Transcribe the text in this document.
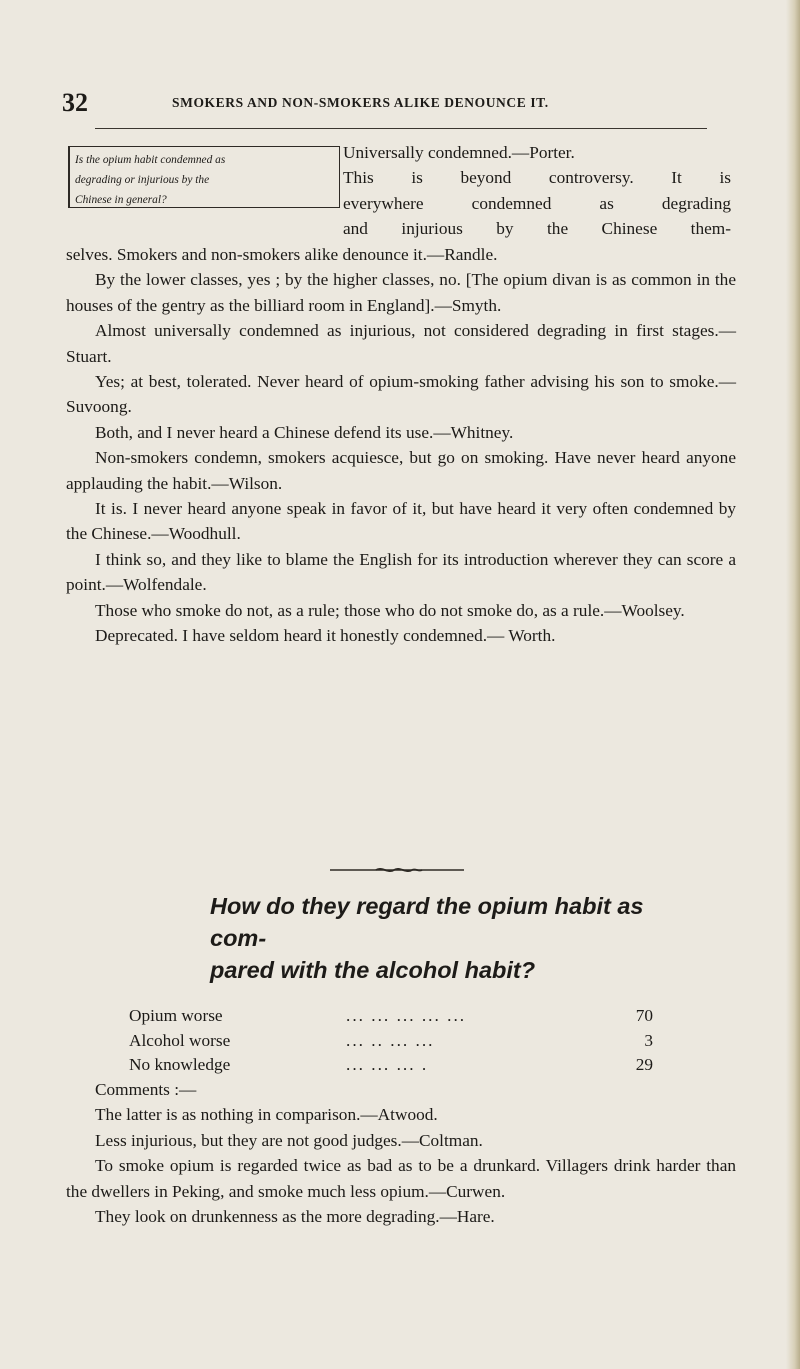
32	SMOKERS AND NON-SMOKERS ALIKE DENOUNCE IT.
Is the opium habit condemned as
degrading or injurious by the
Chinese in general?
Universally condemned.—Porter.
This is beyond controversy. It is
everywhere condemned as degrading
and injurious by the Chinese them-

selves. Smokers and non-smokers alike denounce it.—Randle.

By the lower classes, yes ; by the higher classes, no. [The opium divan is as common in the houses of the gentry as the billiard room in England].—Smyth.

Almost universally condemned as injurious, not considered degrading in first stages.—Stuart.

Yes; at best, tolerated. Never heard of opium-smoking father advising his son to smoke.— Suvoong.

Both, and I never heard a Chinese defend its use.—Whitney.

Non-smokers condemn, smokers acquiesce, but go on smoking. Have never heard anyone applauding the habit.—Wilson.

It is. I never heard anyone speak in favor of it, but have heard it very often condemned by the Chinese.—Woodhull.

I think so, and they like to blame the English for its introduction wherever they can score a point.—Wolfendale.

Those who smoke do not, as a rule; those who do not smoke do, as a rule.—Woolsey.

Deprecated. I have seldom heard it honestly condemned.— Worth.

How do they regard the opium habit as com-
pared with the alcohol habit?
Opium worse	... ... ... ... ...	70
Alcohol worse	... .. ... ...	3
No knowledge	... ... ... .	29
Comments :—

The latter is as nothing in comparison.—Atwood.

Less injurious, but they are not good judges.—Coltman.

To smoke opium is regarded twice as bad as to be a drunkard. Villagers drink harder than the dwellers in Peking, and smoke much less opium.—Curwen.

They look on drunkenness as the more degrading.—Hare.
